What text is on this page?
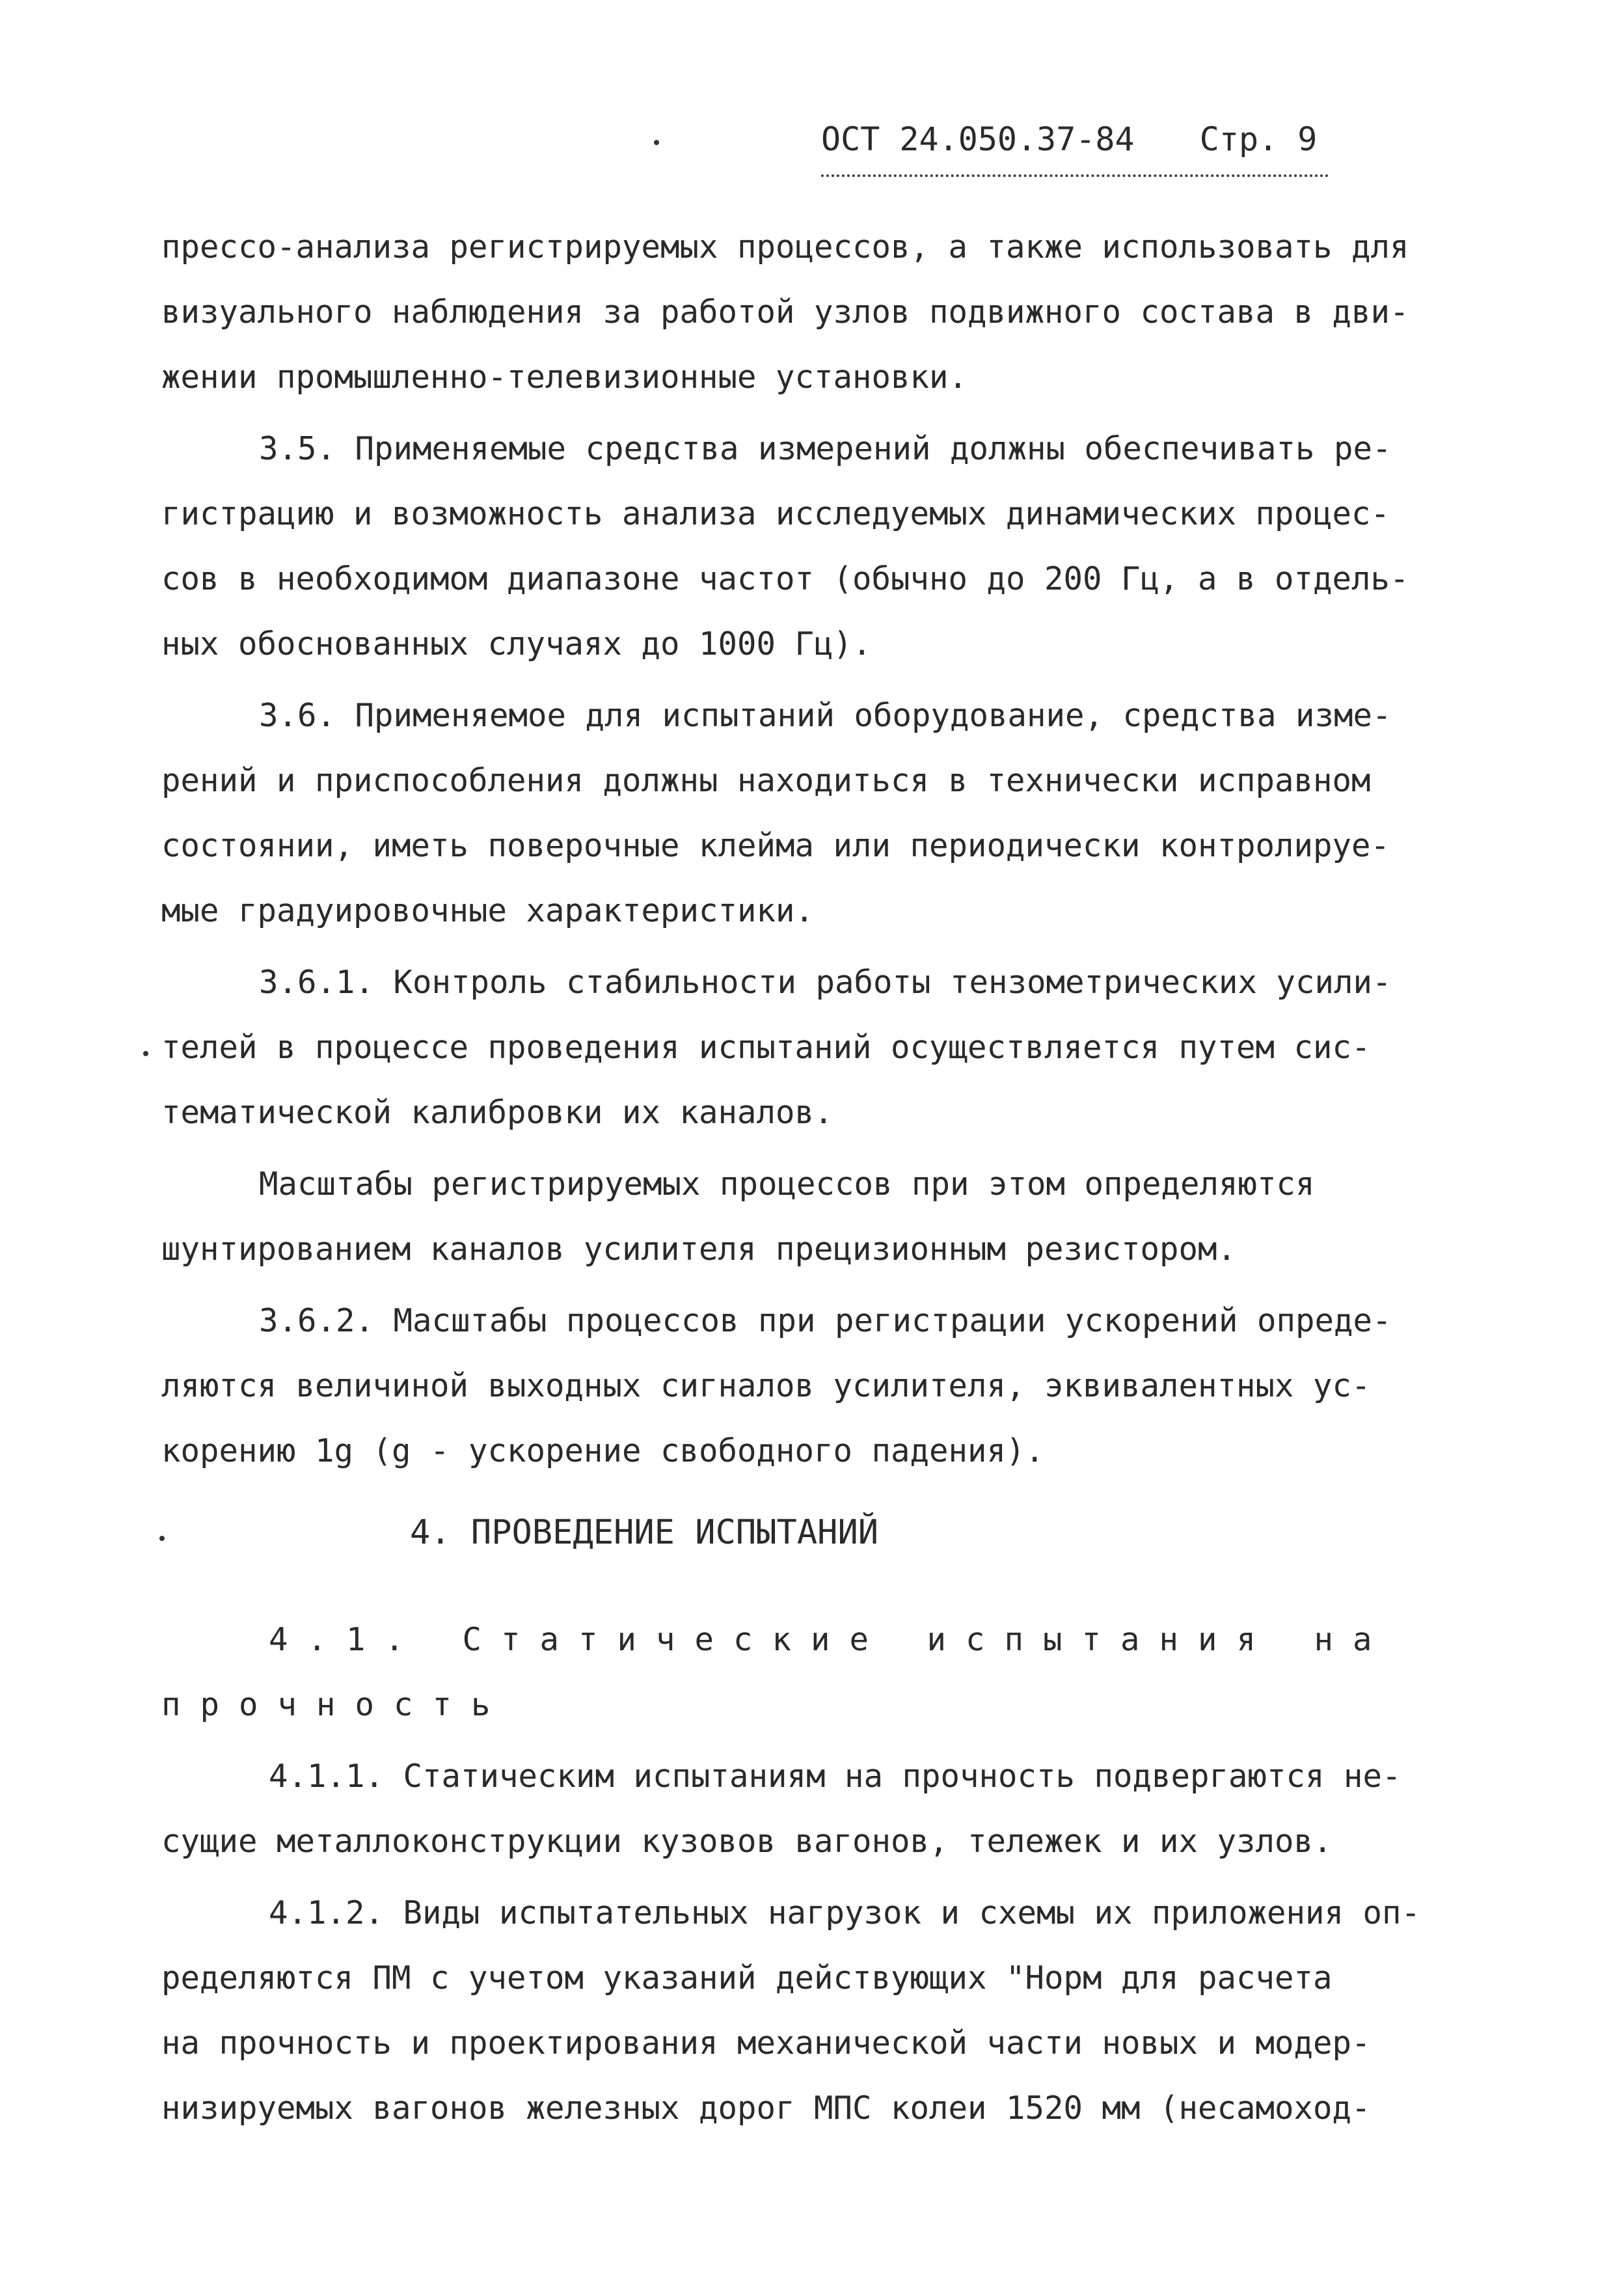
ОСТ 24.050.37-84 Стр. 9
прессо-анализа регистрируемых процессов, а также использовать для
визуального наблюдения за работой узлов подвижного состава в дви-
жении промышленно-телевизионные установки.
3.5. Применяемые средства измерений должны обеспечивать ре-
гистрацию и возможность анализа исследуемых динамических процес-
сов в необходимом диапазоне частот (обычно до 200 Гц, а в отдель-
ных обоснованных случаях до 1000 Гц).
3.6. Применяемое для испытаний оборудование, средства изме-
рений и приспособления должны находиться в технически исправном
состоянии, иметь поверочные клейма или периодически контролируе-
мые градуировочные характеристики.
3.6.1. Контроль стабильности работы тензометрических усили-
телей в процессе проведения испытаний осуществляется путем сис-
тематической калибровки их каналов.
Масштабы регистрируемых процессов при этом определяются
шунтированием каналов усилителя прецизионным резистором.
3.6.2. Масштабы процессов при регистрации ускорений опреде-
ляются величиной выходных сигналов усилителя, эквивалентных ус-
корению 1g (g - ускорение свободного падения).
4.1. Статические испытания на
прочность
4.1.1. Статическим испытаниям на прочность подвергаются не-
сущие металлоконструкции кузовов вагонов, тележек и их узлов.
4.1.2. Виды испытательных нагрузок и схемы их приложения оп-
ределяются ПМ с учетом указаний действующих "Норм для расчета
на прочность и проектирования механической части новых и модер-
низируемых вагонов железных дорог МПС колеи 1520 мм (несамоход-
4. ПРОВЕДЕНИЕ ИСПЫТАНИЙ
